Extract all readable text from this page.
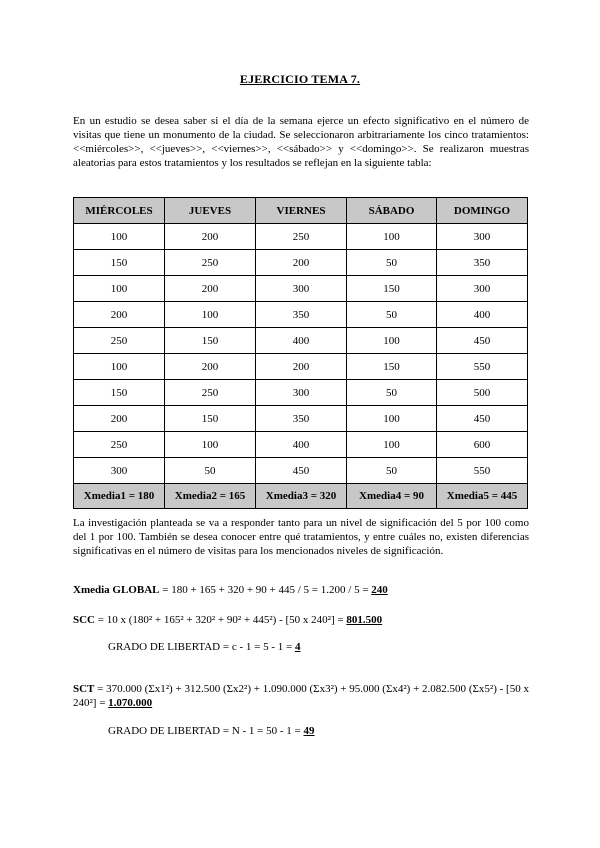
EJERCICIO TEMA 7.

En un estudio se desea saber si el día de la semana ejerce un efecto significativo en el número de visitas que tiene un monumento de la ciudad. Se seleccionaron arbitrariamente los cinco tratamientos: <<miércoles>>, <<jueves>>, <<viernes>>, <<sábado>> y <<domingo>>. Se realizaron muestras aleatorias para estos tratamientos y los resultados se reflejan en la siguiente tabla:

MIÉRCOLES	JUEVES	VIERNES	SÁBADO	DOMINGO
100	200	250	100	300
150	250	200	50	350
100	200	300	150	300
200	100	350	50	400
250	150	400	100	450
100	200	200	150	550
150	250	300	50	500
200	150	350	100	450
250	100	400	100	600
300	50	450	50	550
Xmedia1 = 180	Xmedia2 = 165	Xmedia3 = 320	Xmedia4 = 90	Xmedia5 = 445

La investigación planteada se va a responder tanto para un nivel de significación del 5 por 100 como del 1 por 100. También se desea conocer entre qué tratamientos, y entre cuáles no, existen diferencias significativas en el número de visitas para los mencionados niveles de significación.

Xmedia GLOBAL = 180 + 165 + 320 + 90 + 445 / 5 = 1.200 / 5 = 240

SCC = 10 x (180² + 165² + 320² + 90² + 445²) - [50 x 240²] = 801.500

GRADO DE LIBERTAD = c - 1 = 5 - 1 = 4

SCT = 370.000 (Σx1²) + 312.500 (Σx2²) + 1.090.000 (Σx3²) + 95.000 (Σx4²) + 2.082.500 (Σx5²) - [50 x 240²] = 1.070.000

GRADO DE LIBERTAD = N - 1 = 50 - 1 = 49
